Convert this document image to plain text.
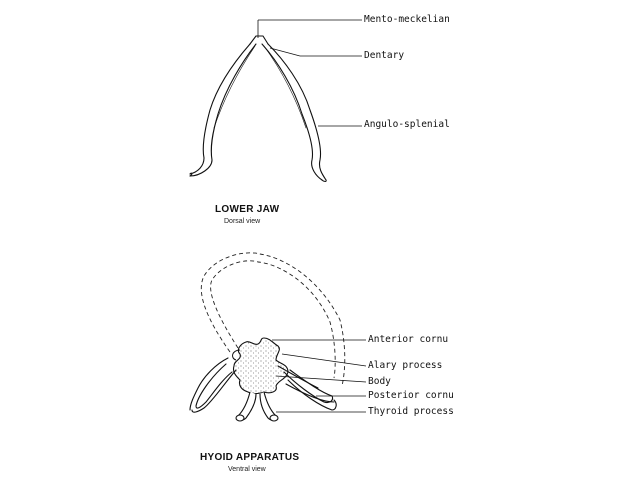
Mento-meckelian
Dentary
Angulo-splenial
LOWER JAW
Dorsal view
Anterior cornu
Alary process
Body
Posterior cornu
Thyroid process
HYOID APPARATUS
Ventral view
